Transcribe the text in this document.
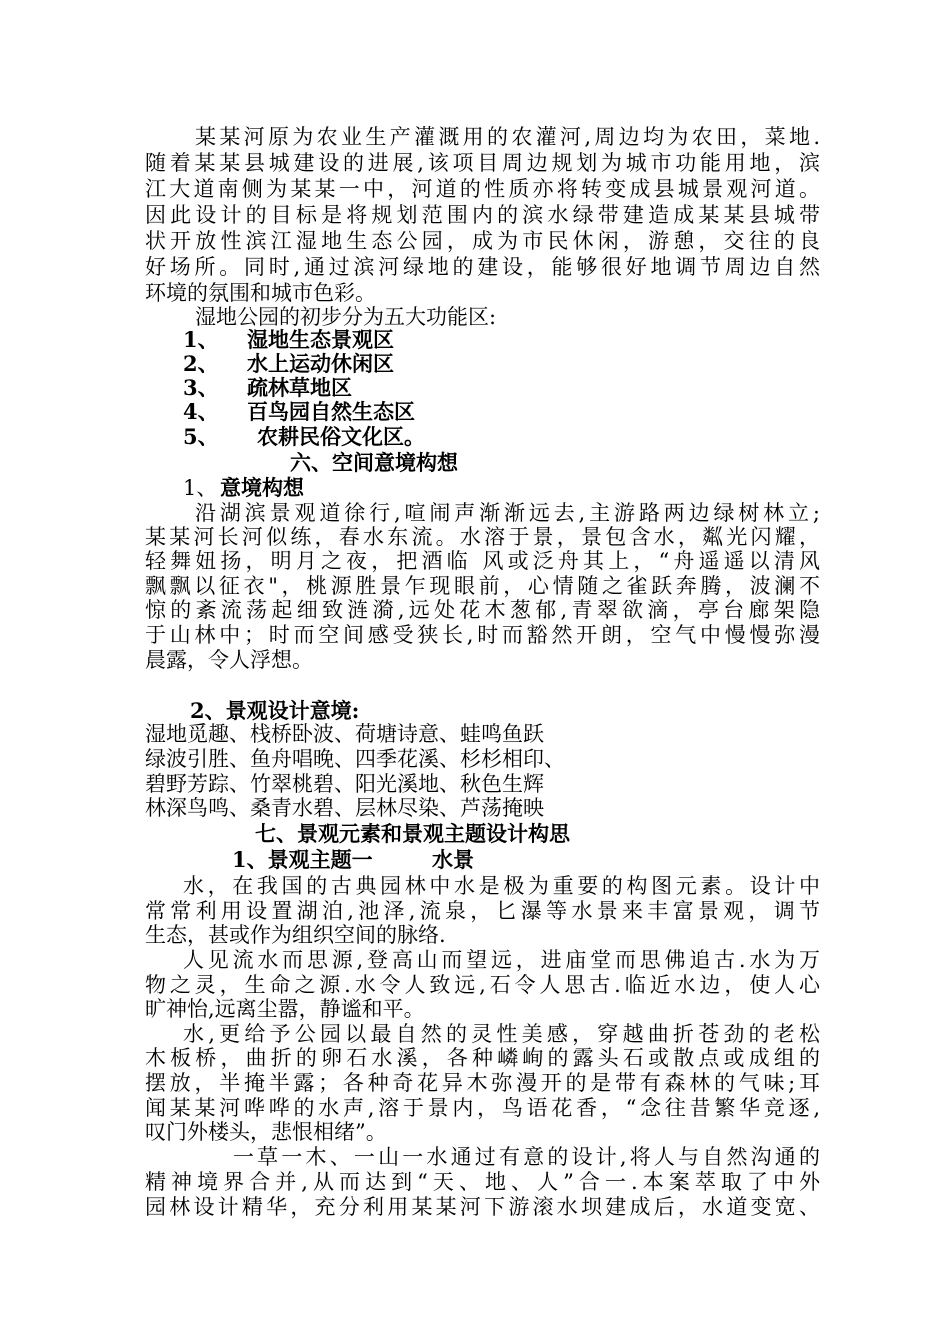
某某河原为农业生产灌溉用的农灌河,周边均为农田，菜地.
随着某某县城建设的进展,该项目周边规划为城市功能用地，滨
江大道南侧为某某一中，河道的性质亦将转变成县城景观河道。
因此设计的目标是将规划范围内的滨水绿带建造成某某县城带
状开放性滨江湿地生态公园，成为市民休闲，游憩，交往的良
好场所。同时,通过滨河绿地的建设，能够很好地调节周边自然
环境的氛围和城市色彩。
湿地公园的初步分为五大功能区:
1、 湿地生态景观区
2、 水上运动休闲区
3、 疏林草地区
4、 百鸟园自然生态区
5、 农耕民俗文化区。
六、空间意境构想
1、 意境构想
沿湖滨景观道徐行,喧闹声渐渐远去,主游路两边绿树林立;
某某河长河似练，春水东流。水溶于景，景包含水，粼光闪耀，
轻舞妞扬，明月之夜，把酒临 风或泛舟其上，“舟遥遥以清风
飘飘以征衣"，桃源胜景乍现眼前，心情随之雀跃奔腾，波澜不
惊的紊流荡起细致涟漪,远处花木葱郁,青翠欲滴，亭台廊架隐
于山林中；时而空间感受狭长,时而豁然开朗，空气中慢慢弥漫
晨露，令人浮想。
2、景观设计意境:
湿地觅趣、栈桥卧波、荷塘诗意、蛙鸣鱼跃
绿波引胜、鱼舟唱晚、四季花溪、杉杉相印、
碧野芳踪、竹翠桃碧、阳光溪地、秋色生辉
林深鸟鸣、桑青水碧、层林尽染、芦荡掩映
七、景观元素和景观主题设计构思
1、景观主题一	水景
水，在我国的古典园林中水是极为重要的构图元素。设计中
常常利用设置湖泊,池泽,流泉，匕瀑等水景来丰富景观，调节
生态，甚或作为组织空间的脉络.
人见流水而思源,登高山而望远，进庙堂而思佛追古.水为万
物之灵，生命之源.水令人致远,石令人思古.临近水边，使人心
旷神怡,远离尘嚣，静谧和平。
水,更给予公园以最自然的灵性美感，穿越曲折苍劲的老松
木板桥，曲折的卵石水溪，各种嶙峋的露头石或散点或成组的
摆放，半掩半露；各种奇花异木弥漫开的是带有森林的气味;耳
闻某某河哗哗的水声,溶于景内，鸟语花香，“念往昔繁华竞逐,
叹门外楼头，悲恨相绪”。
一草一木、一山一水通过有意的设计,将人与自然沟通的
精神境界合并,从而达到“天、地、人”合一.本案萃取了中外
园林设计精华，充分利用某某河下游滚水坝建成后，水道变宽、
